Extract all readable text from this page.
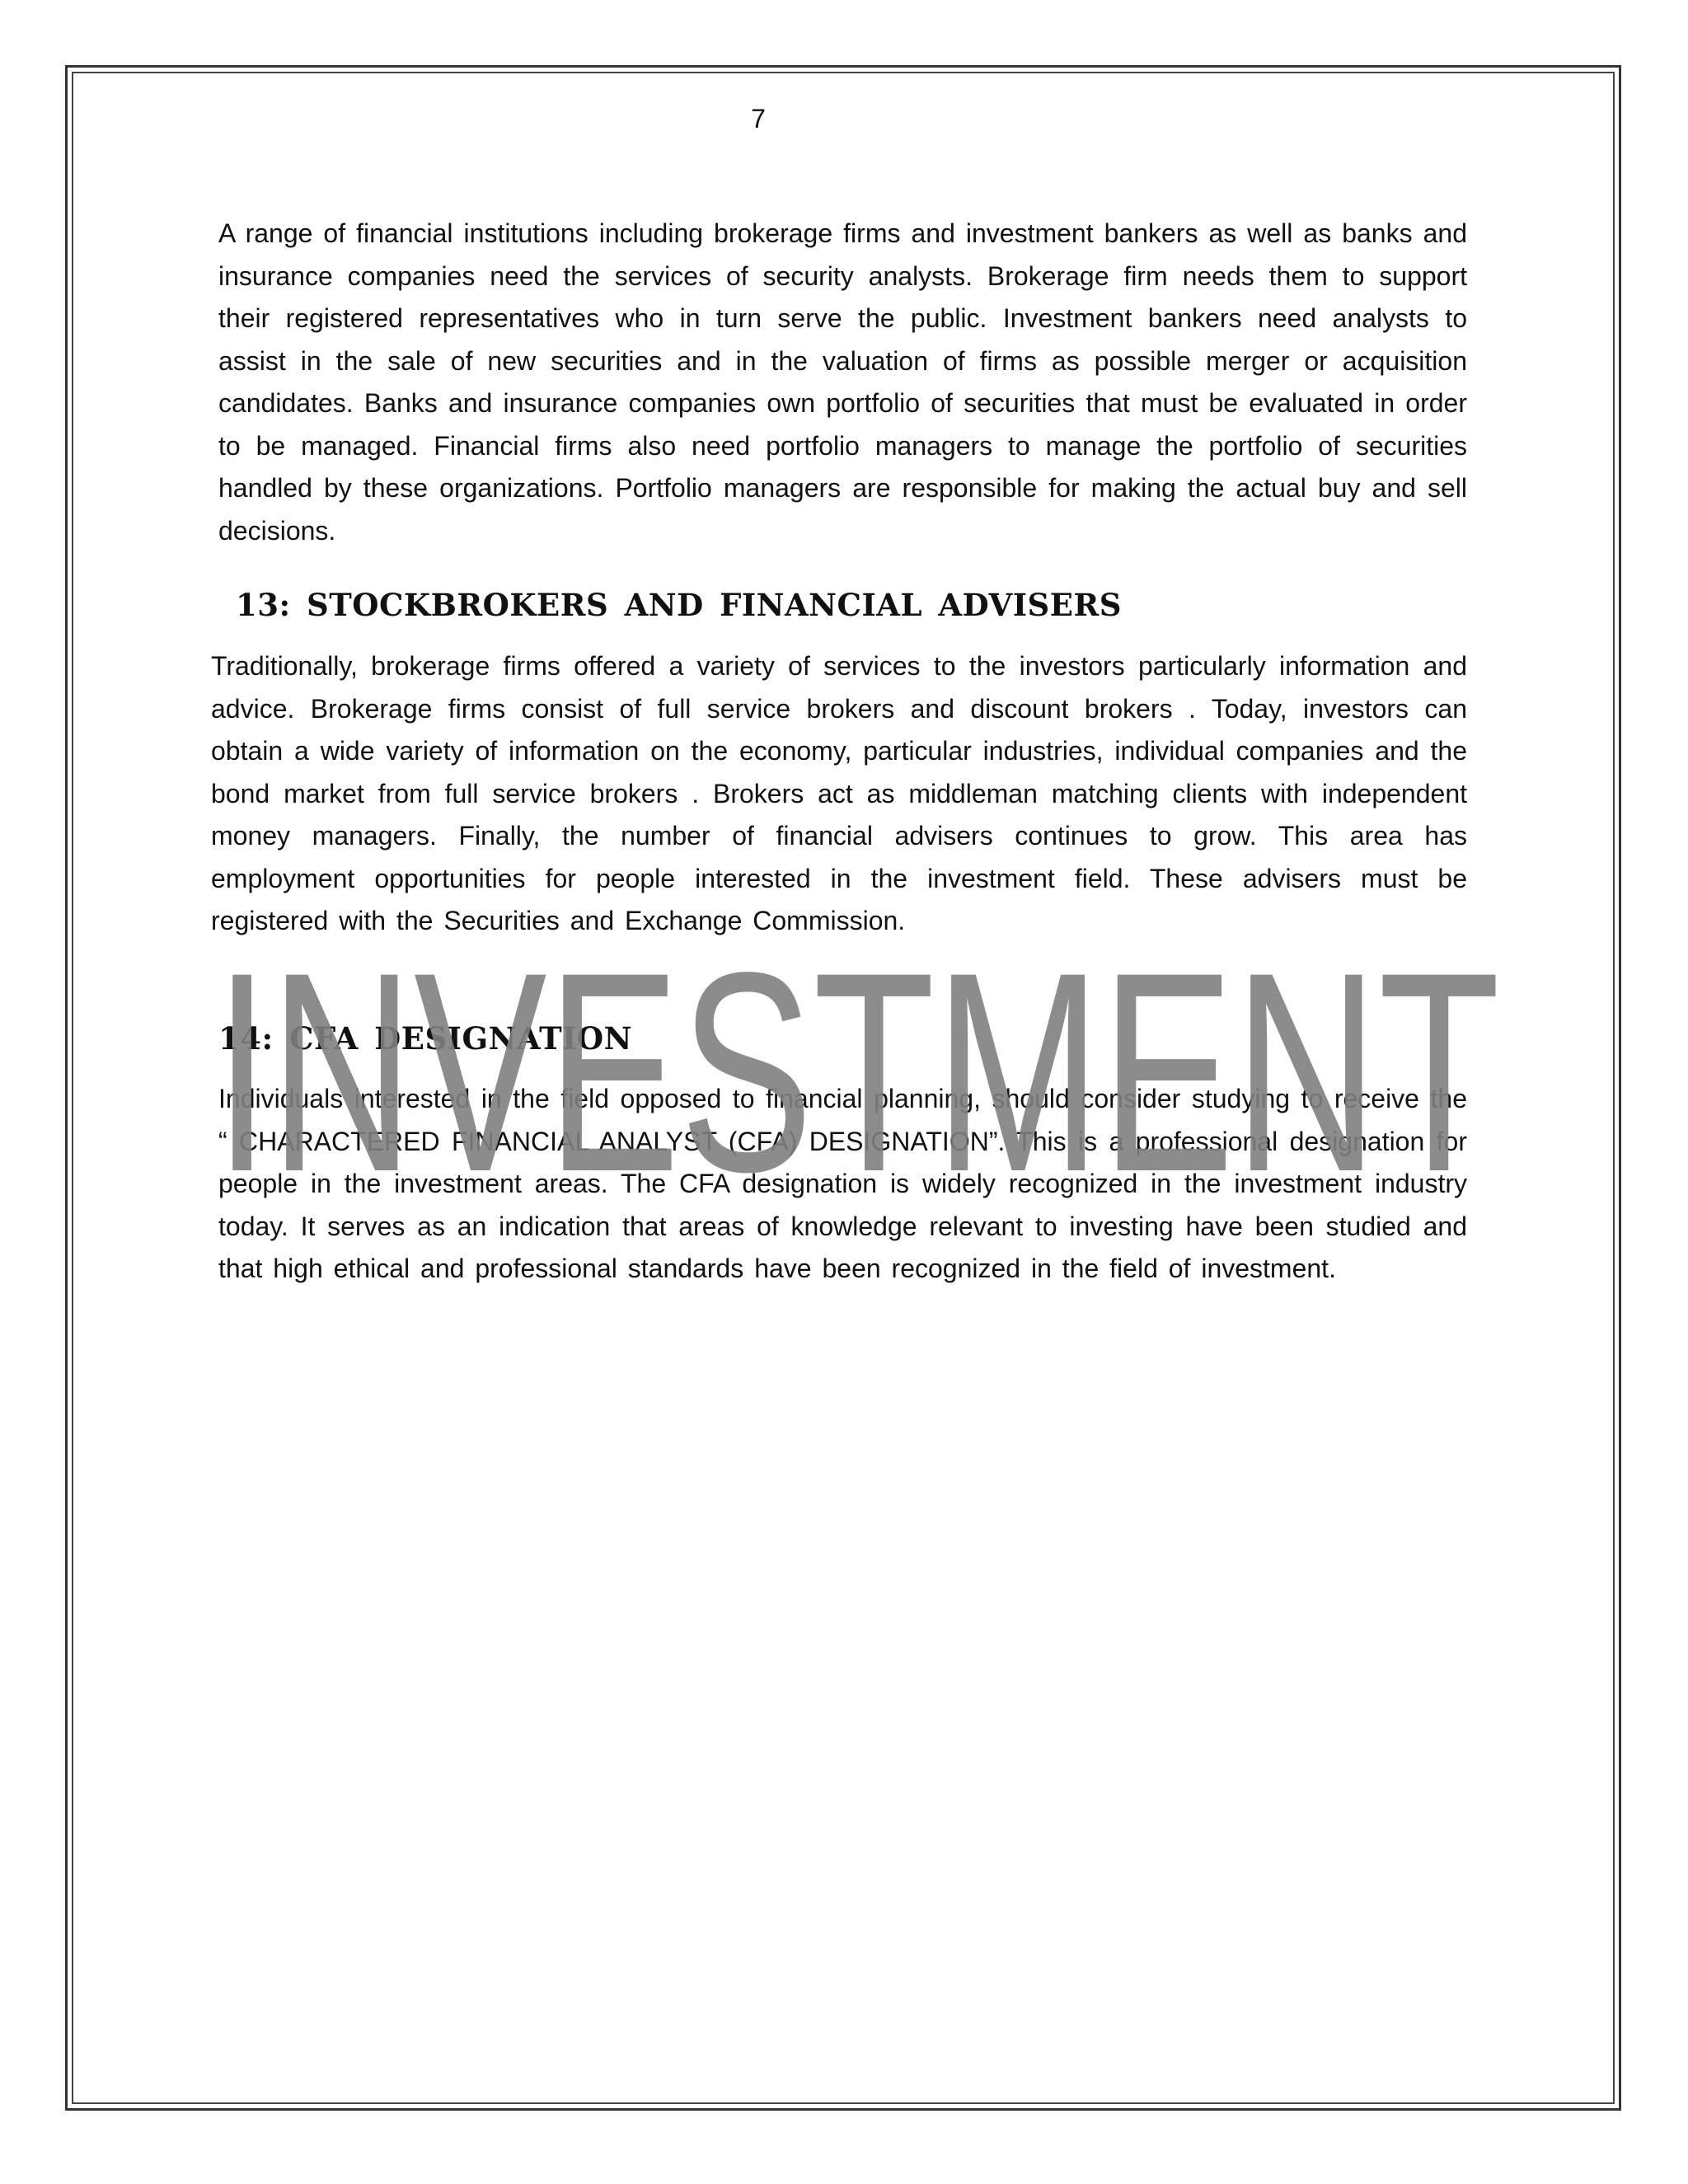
7

A range of financial institutions including brokerage firms and investment bankers as well as banks and insurance companies need the services of security analysts. Brokerage firm needs them to support their registered representatives who in turn serve the public. Investment bankers need analysts to assist in the sale of new securities and in the valuation of firms as possible merger or acquisition candidates. Banks and insurance companies own portfolio of securities that must be evaluated in order to be managed. Financial firms also need portfolio managers to manage the portfolio of securities handled by these organizations. Portfolio managers are responsible for making the actual buy and sell decisions.

13: STOCKBROKERS AND FINANCIAL ADVISERS

Traditionally, brokerage firms offered a variety of services to the investors particularly information and advice. Brokerage firms consist of full service brokers and discount brokers . Today, investors can obtain a wide variety of information on the economy, particular industries, individual companies and the bond market from full service brokers . Brokers act as middleman matching clients with independent money managers. Finally, the number of financial advisers continues to grow. This area has employment opportunities for people interested in the investment field. These advisers must be registered with the Securities and Exchange Commission.

14: CFA DESIGNATION

Individuals interested in the field opposed to financial planning, should consider studying to receive the “ CHARACTERED FINANCIAL ANALYST (CFA) DESIGNATION”. This is a professional designation for people in the investment areas. The CFA designation is widely recognized in the investment industry today. It serves as an indication that areas of knowledge relevant to investing have been studied and that high ethical and professional standards have been recognized in the field of investment.

INVESTMENT
